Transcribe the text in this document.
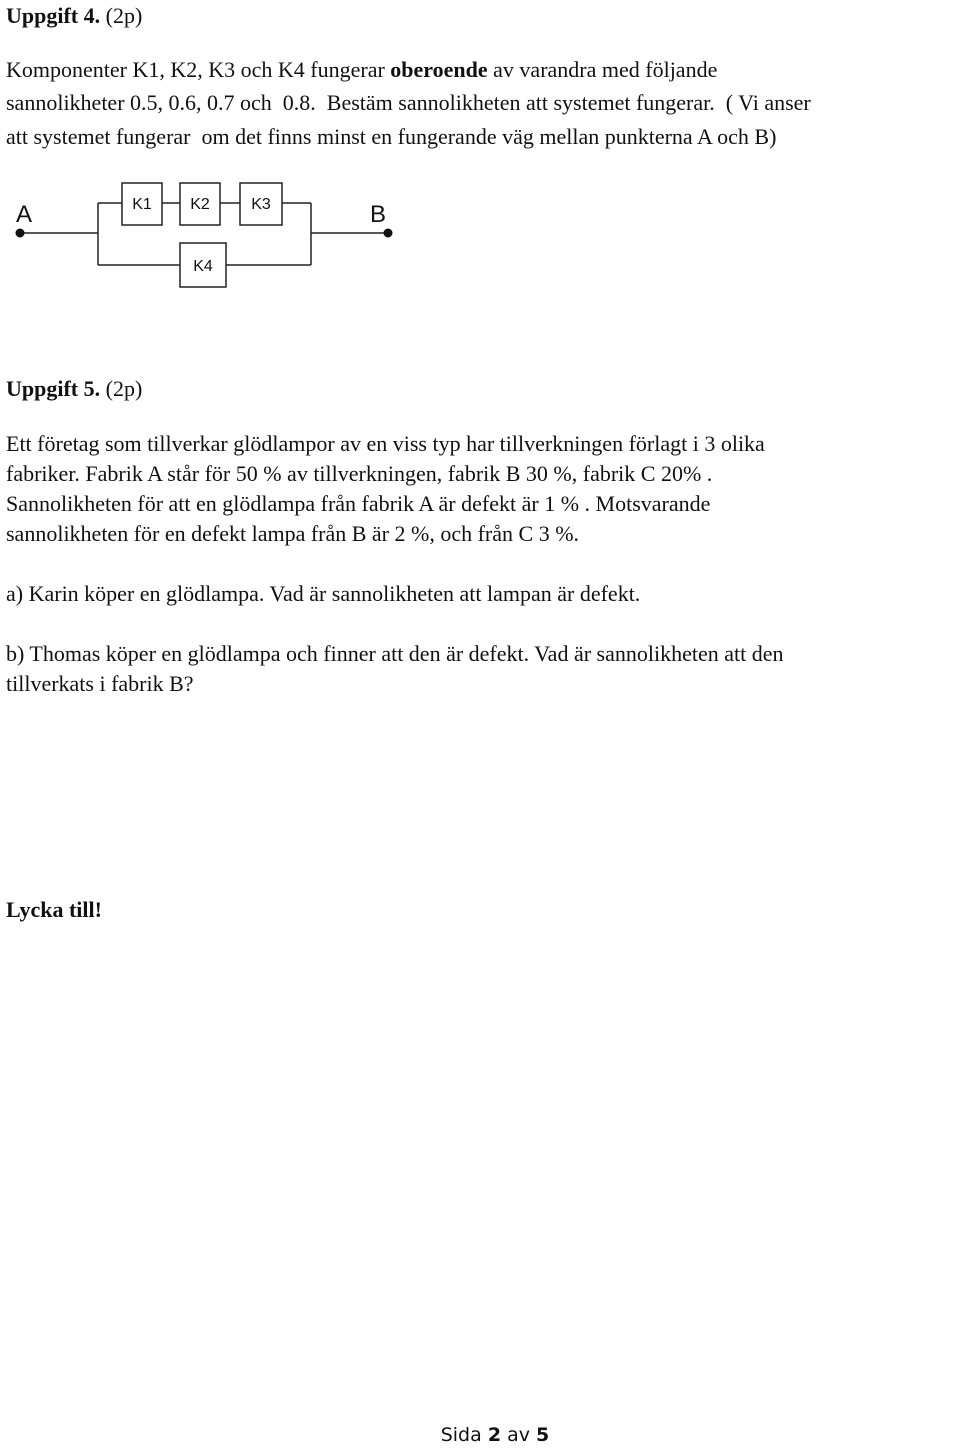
Uppgift 4. (2p)

Komponenter K1, K2, K3 och K4 fungerar oberoende av varandra med följande

sannolikheter 0.5, 0.6, 0.7 och  0.8.  Bestäm sannolikheten att systemet fungerar.  ( Vi anser

att systemet fungerar  om det finns minst en fungerande väg mellan punkterna A och B)

A	B
K1 K2	K3
K4
Uppgift 5. (2p)

Ett företag som tillverkar glödlampor av en viss typ har tillverkningen förlagt i 3 olika

fabriker. Fabrik A står för 50 % av tillverkningen, fabrik B 30 %, fabrik C 20% .

Sannolikheten för att en glödlampa från fabrik A är defekt är 1 % . Motsvarande

sannolikheten för en defekt lampa från B är 2 %, och från C 3 %.

a) Karin köper en glödlampa. Vad är sannolikheten att lampan är defekt.

b) Thomas köper en glödlampa och finner att den är defekt. Vad är sannolikheten att den

tillverkats i fabrik B?

Lycka till!
Sida 2 av 5
